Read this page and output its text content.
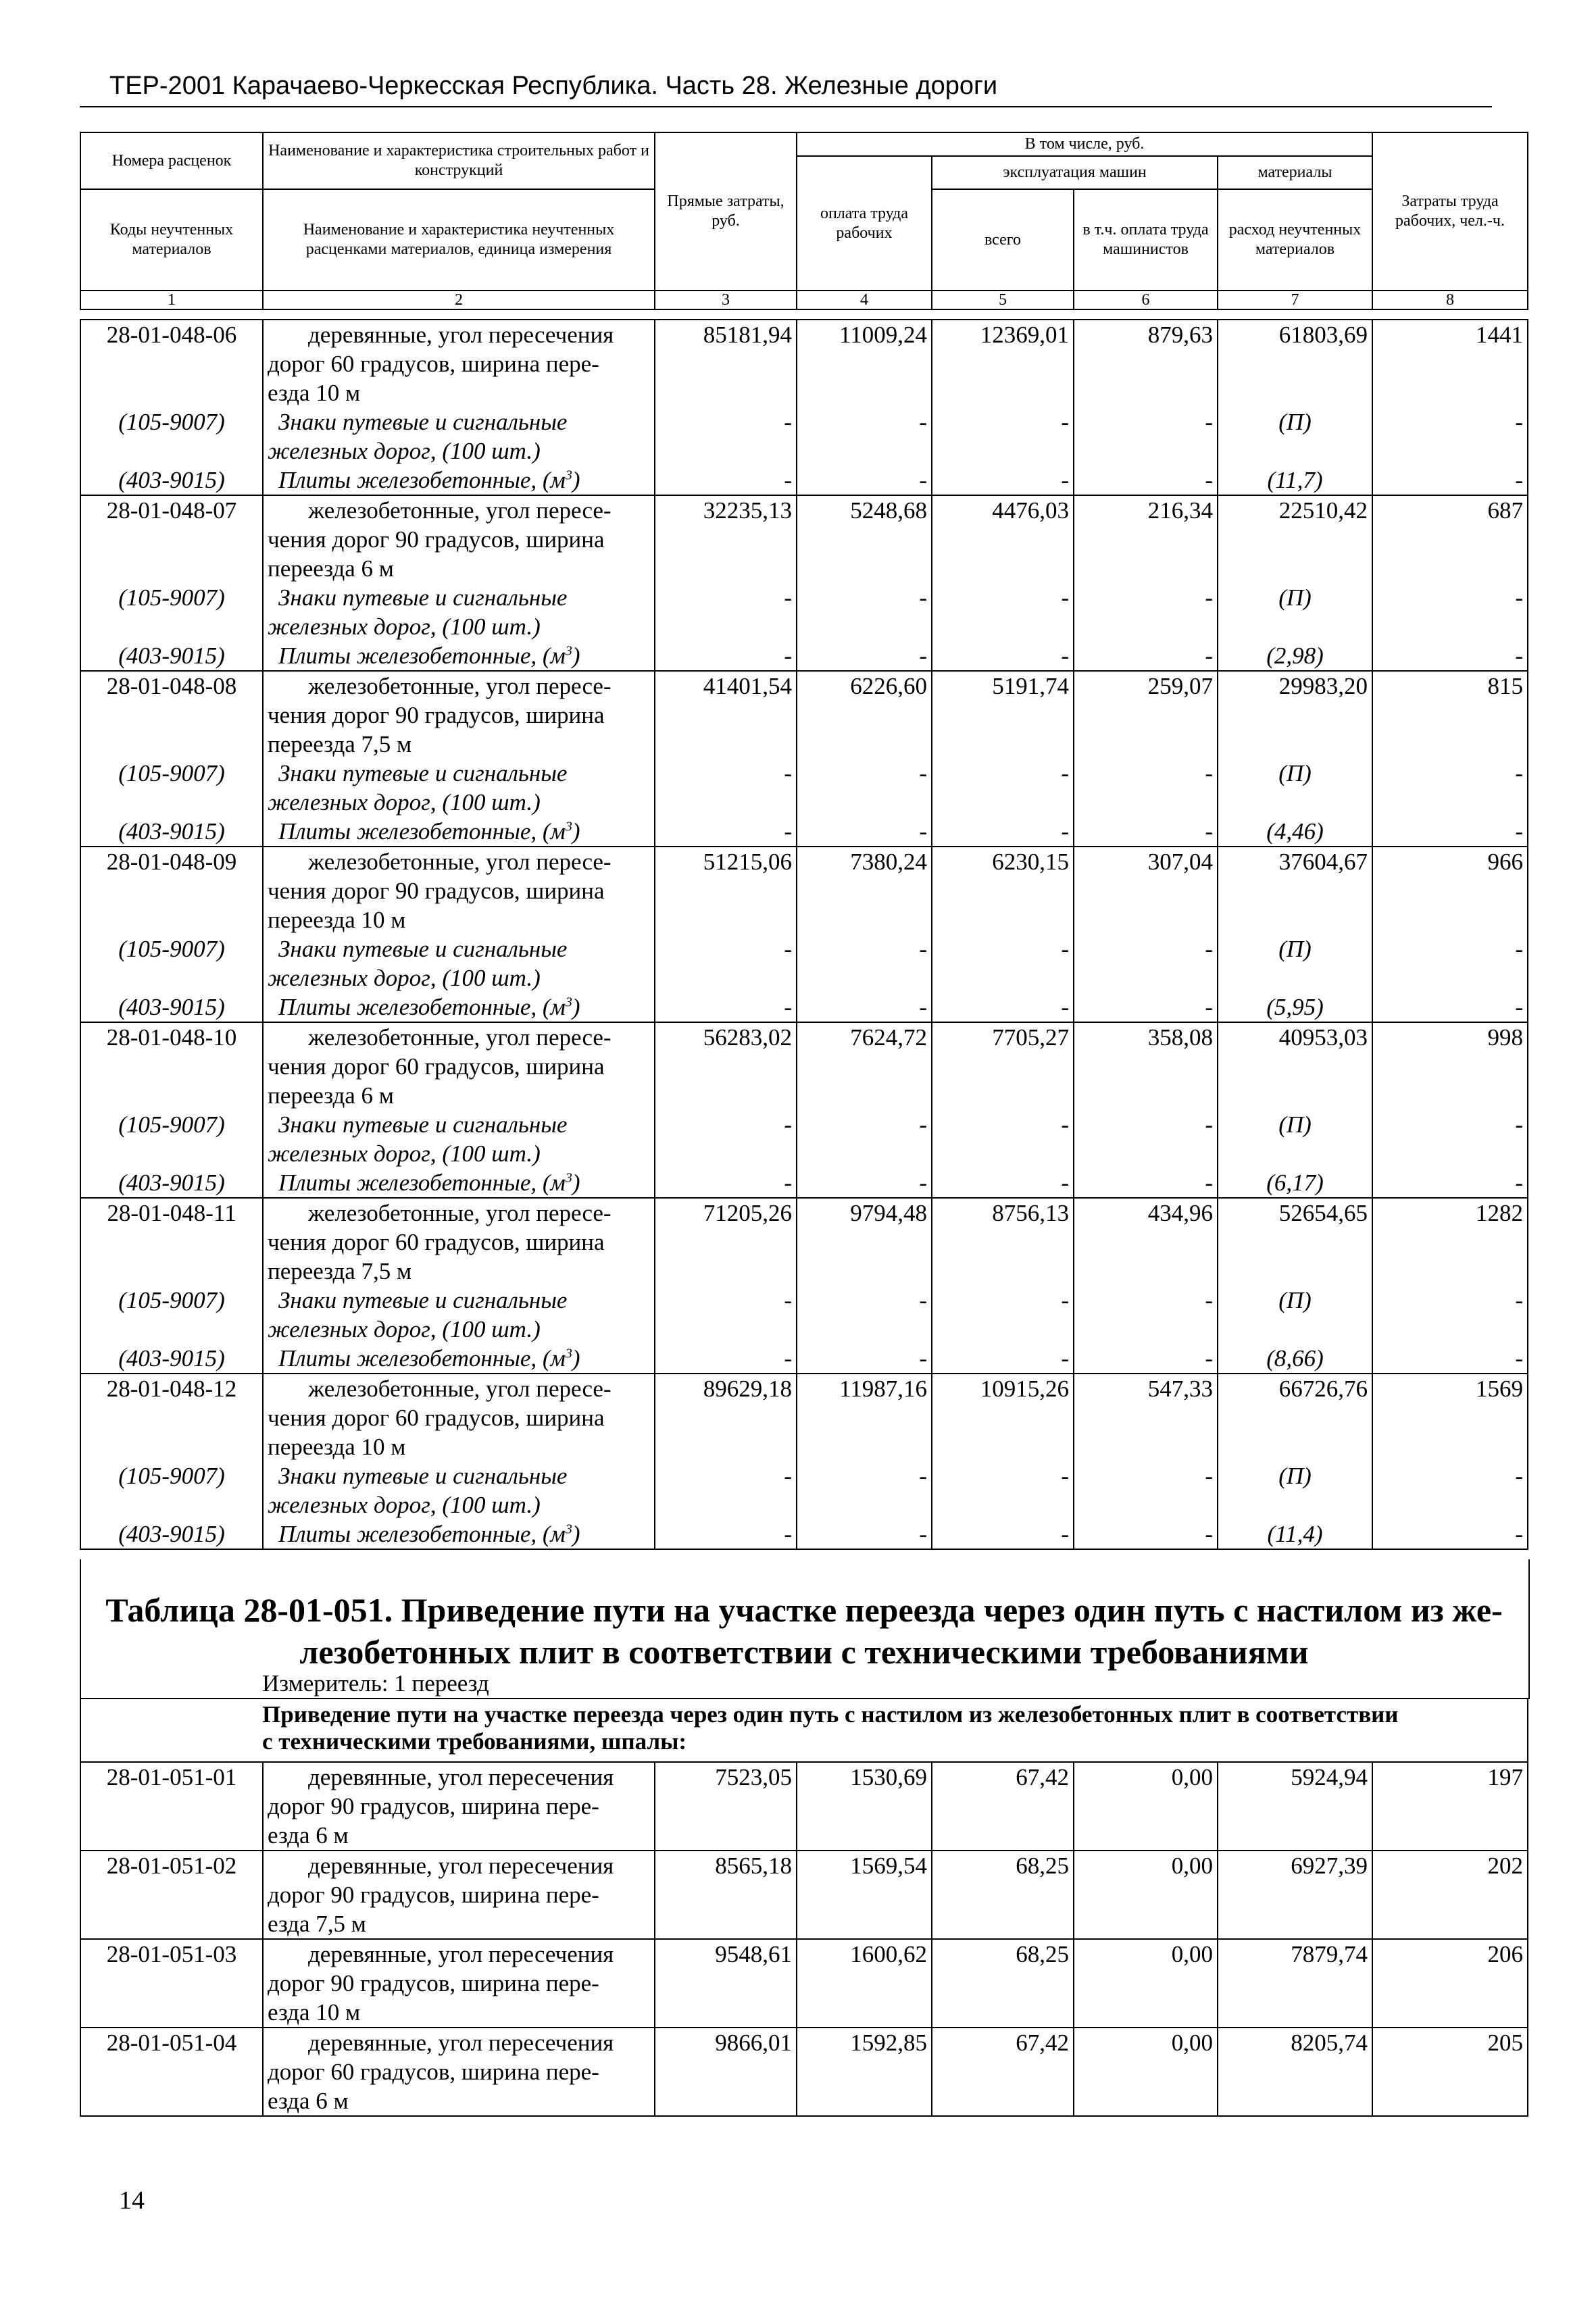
ТЕР-2001 Карачаево-Черкесская Республика. Часть 28. Железные дороги
Номера расценок	Наименование и характеристика строительных работ и конструкций	Прямые затраты, руб.	В том числе, руб.				Затраты труда рабочих, чел.-ч.
			оплата труда рабочих	эксплуатация машин		материалы	
Коды неучтенных материалов	Наименование и характеристика неучтенных расценками материалов, единица измерения			всего	в т.ч. оплата труда машинистов	расход неучтенных материалов	

1	2	3	4	5	6	7	8
28-01-048-06	деревянные, угол пересечения
дорог 60 градусов, ширина пере-
езда 10 м	85181,94	11009,24	12369,01	879,63	61803,69	1441
(105-9007)	Знаки путевые и сигнальные
железных дорог, (100 шт.)	-	-	-	-	(П)	-
(403-9015)	Плиты железобетонные, $(м^3)$	-	-	-	-	(11,7)	-
28-01-048-07	железобетонные, угол пересе-
чения дорог 90 градусов, ширина
переезда 6 м	32235,13	5248,68	4476,03	216,34	22510,42	687
(105-9007)	Знаки путевые и сигнальные
железных дорог, (100 шт.)	-	-	-	-	(П)	-
(403-9015)	Плиты железобетонные, $(м^3)$	-	-	-	-	(2,98)	-
28-01-048-08	железобетонные, угол пересе-
чения дорог 90 градусов, ширина
переезда 7,5 м	41401,54	6226,60	5191,74	259,07	29983,20	815
(105-9007)	Знаки путевые и сигнальные
железных дорог, (100 шт.)	-	-	-	-	(П)	-
(403-9015)	Плиты железобетонные, $(м^3)$	-	-	-	-	(4,46)	-
28-01-048-09	железобетонные, угол пересе-
чения дорог 90 градусов, ширина
переезда 10 м	51215,06	7380,24	6230,15	307,04	37604,67	966
(105-9007)	Знаки путевые и сигнальные
железных дорог, (100 шт.)	-	-	-	-	(П)	-
(403-9015)	Плиты железобетонные, $(м^3)$	-	-	-	-	(5,95)	-
28-01-048-10	железобетонные, угол пересе-
чения дорог 60 градусов, ширина
переезда 6 м	56283,02	7624,72	7705,27	358,08	40953,03	998
(105-9007)	Знаки путевые и сигнальные
железных дорог, (100 шт.)	-	-	-	-	(П)	-
(403-9015)	Плиты железобетонные, $(м^3)$	-	-	-	-	(6,17)	-
28-01-048-11	железобетонные, угол пересе-
чения дорог 60 градусов, ширина
переезда 7,5 м	71205,26	9794,48	8756,13	434,96	52654,65	1282
(105-9007)	Знаки путевые и сигнальные
железных дорог, (100 шт.)	-	-	-	-	(П)	-
(403-9015)	Плиты железобетонные, $(м^3)$	-	-	-	-	(8,66)	-
28-01-048-12	железобетонные, угол пересе-
чения дорог 60 градусов, ширина
переезда 10 м	89629,18	11987,16	10915,26	547,33	66726,76	1569
(105-9007)	Знаки путевые и сигнальные
железных дорог, (100 шт.)	-	-	-	-	(П)	-
(403-9015)	Плиты железобетонные, $(м^3)$	-	-	-	-	(11,4)	-
Таблица 28-01-051. Приведение пути на участке переезда через один путь с настилом из же-
лезобетонных плит в соответствии с техническими требованиями
Измеритель: 1 переезд
Приведение пути на участке переезда через один путь с настилом из железобетонных плит в соответствии
с техническими требованиями, шпалы:
28-01-051-01	деревянные, угол пересечения
дорог 90 градусов, ширина пере-
езда 6 м	7523,05	1530,69	67,42	0,00	5924,94	197
28-01-051-02	деревянные, угол пересечения
дорог 90 градусов, ширина пере-
езда 7,5 м	8565,18	1569,54	68,25	0,00	6927,39	202
28-01-051-03	деревянные, угол пересечения
дорог 90 градусов, ширина пере-
езда 10 м	9548,61	1600,62	68,25	0,00	7879,74	206
28-01-051-04	деревянные, угол пересечения
дорог 60 градусов, ширина пере-
езда 6 м	9866,01	1592,85	67,42	0,00	8205,74	205
14
